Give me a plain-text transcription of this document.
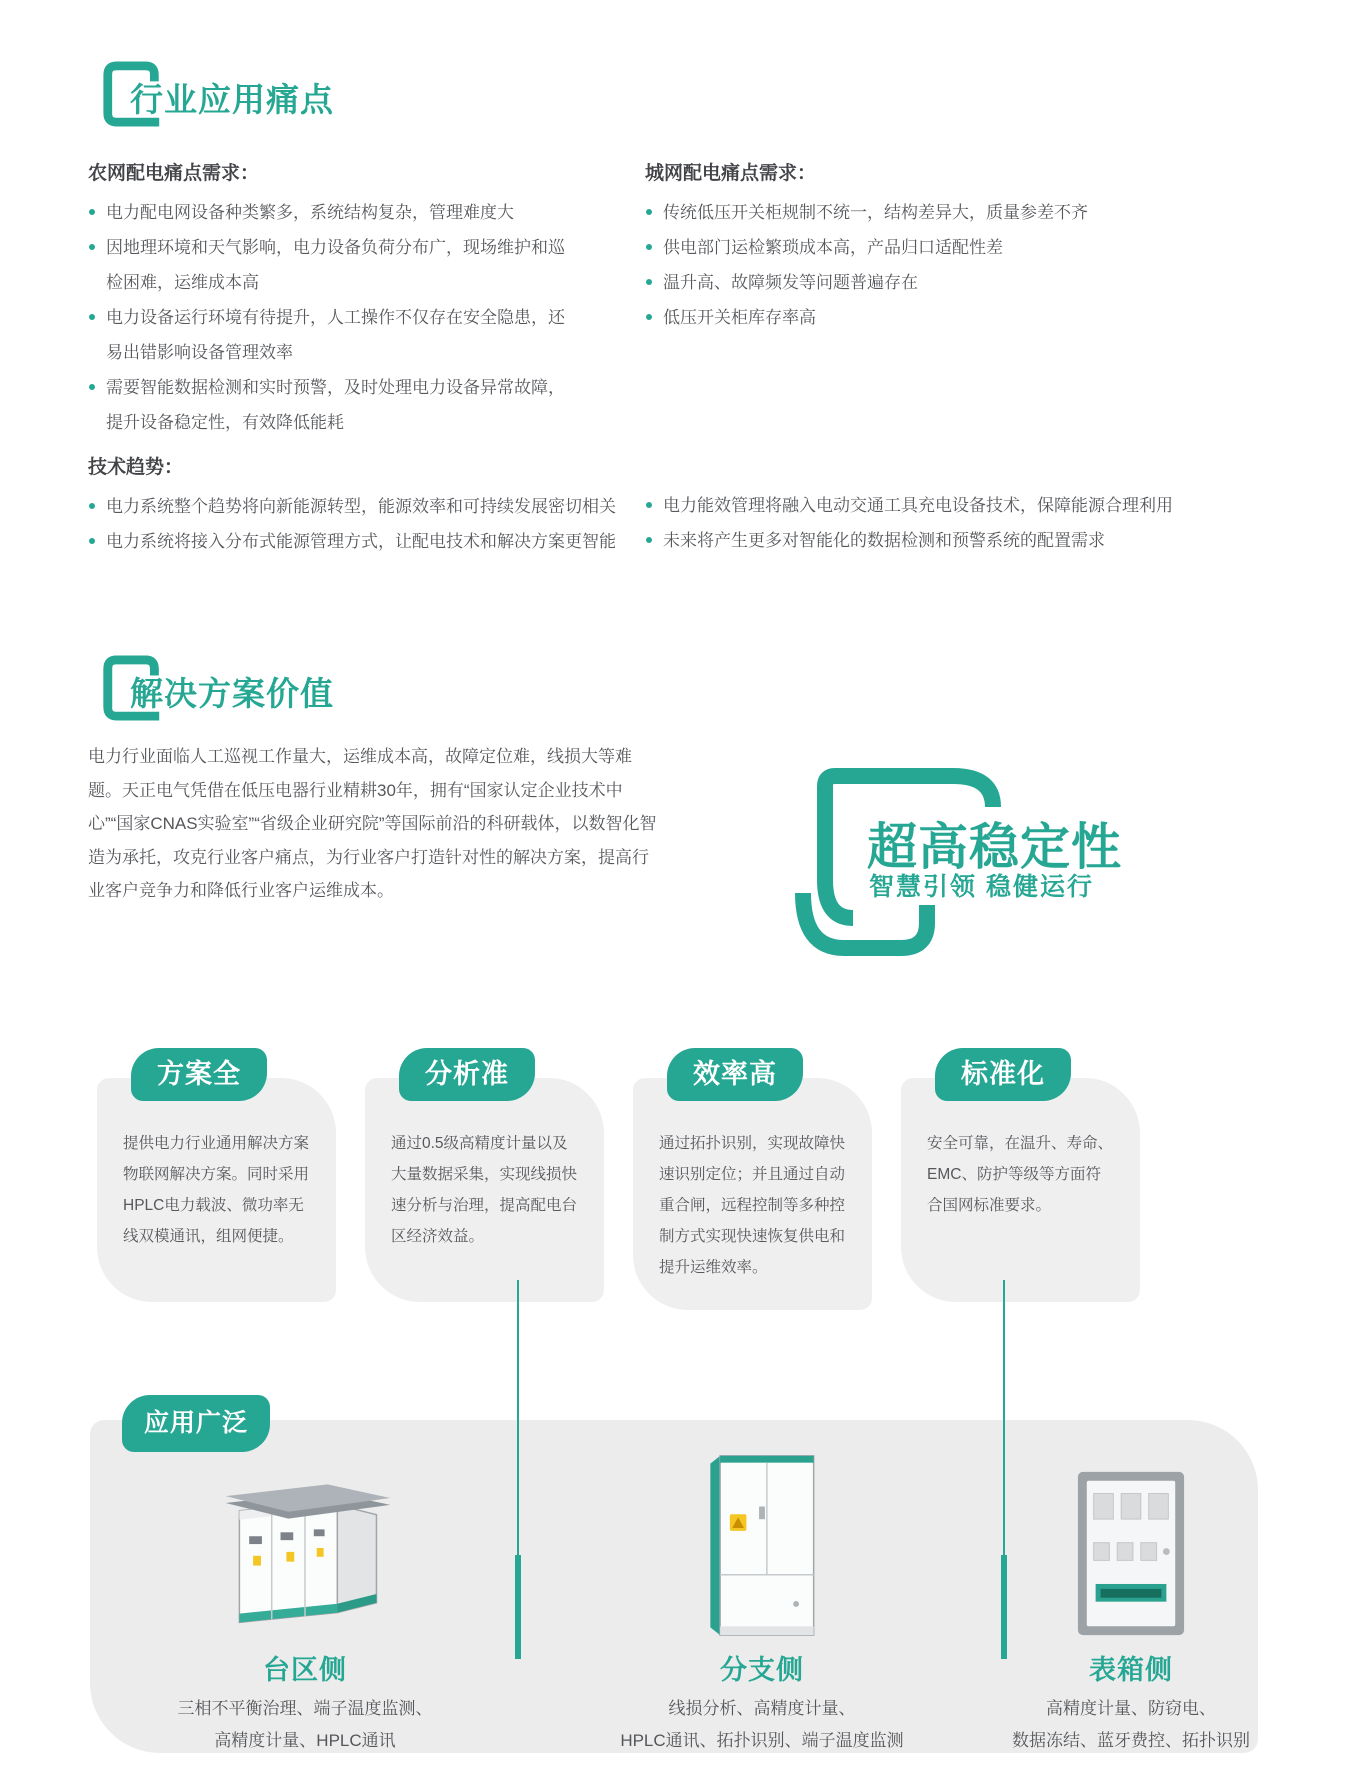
行业应用痛点
农网配电痛点需求：
电力配电网设备种类繁多，系统结构复杂，管理难度大
因地理环境和天气影响，电力设备负荷分布广，现场维护和巡检困难，运维成本高
电力设备运行环境有待提升，人工操作不仅存在安全隐患，还易出错影响设备管理效率
需要智能数据检测和实时预警，及时处理电力设备异常故障，提升设备稳定性，有效降低能耗
城网配电痛点需求：
传统低压开关柜规制不统一，结构差异大，质量参差不齐
供电部门运检繁琐成本高，产品归口适配性差
温升高、故障频发等问题普遍存在
低压开关柜库存率高
技术趋势：
电力系统整个趋势将向新能源转型，能源效率和可持续发展密切相关
电力系统将接入分布式能源管理方式，让配电技术和解决方案更智能
电力能效管理将融入电动交通工具充电设备技术，保障能源合理利用
未来将产生更多对智能化的数据检测和预警系统的配置需求
解决方案价值
电力行业面临人工巡视工作量大，运维成本高，故障定位难，线损大等难题。天正电气凭借在低压电器行业精耕30年，拥有“国家认定企业技术中心”“国家CNAS实验室”“省级企业研究院”等国际前沿的科研载体，以数智化智造为承托，攻克行业客户痛点，为行业客户打造针对性的解决方案，提高行业客户竞争力和降低行业客户运维成本。
超高稳定性
智慧引领 稳健运行
方案全
提供电力行业通用解决方案物联网解决方案。同时采用HPLC电力载波、微功率无线双模通讯，组网便捷。
分析准
通过0.5级高精度计量以及大量数据采集，实现线损快速分析与治理，提高配电台区经济效益。
效率高
通过拓扑识别，实现故障快速识别定位；并且通过自动重合闸，远程控制等多种控制方式实现快速恢复供电和提升运维效率。
标准化
安全可靠，在温升、寿命、EMC、防护等级等方面符合国网标准要求。
应用广泛
台区侧
三相不平衡治理、端子温度监测、
高精度计量、HPLC通讯
分支侧
线损分析、高精度计量、
HPLC通讯、拓扑识别、端子温度监测
表箱侧
高精度计量、防窃电、
数据冻结、蓝牙费控、拓扑识别
